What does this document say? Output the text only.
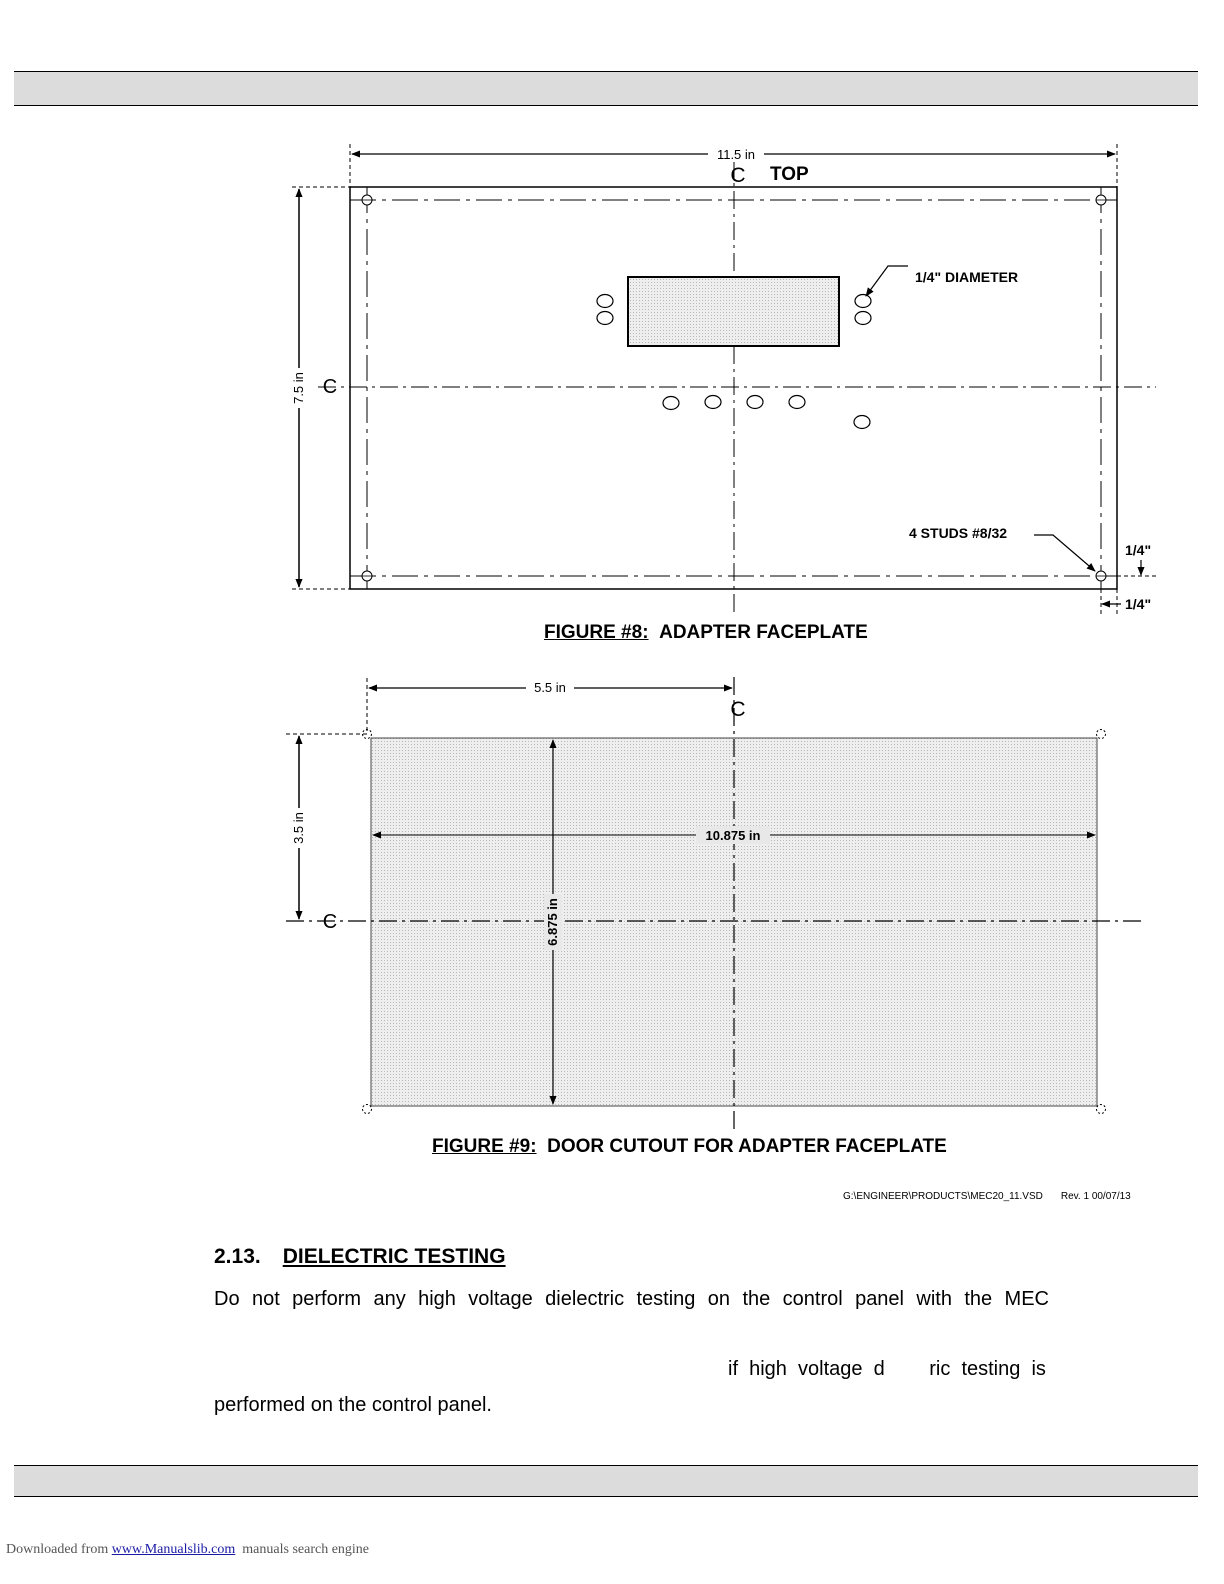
11.5 in
7.5 in
C
C
TOP
1/4" DIAMETER
4 STUDS #8/32
1/4"
1/4"
5.5 in
3.5 in	10.875 in
6.875 in
C
C
FIGURE #8: ADAPTER FACEPLATE
FIGURE #9: DOOR CUTOUT FOR ADAPTER FACEPLATE
G:\ENGINEER\PRODUCTS\MEC20_11.VSD Rev. 1 00/07/13
2.13. DIELECTRIC TESTING
Do not perform any high voltage dielectric testing on the control panel with the MEC
if  high  voltage  d        ric  testing  is
performed on the control panel.
Downloaded from www.Manualslib.com manuals search engine
